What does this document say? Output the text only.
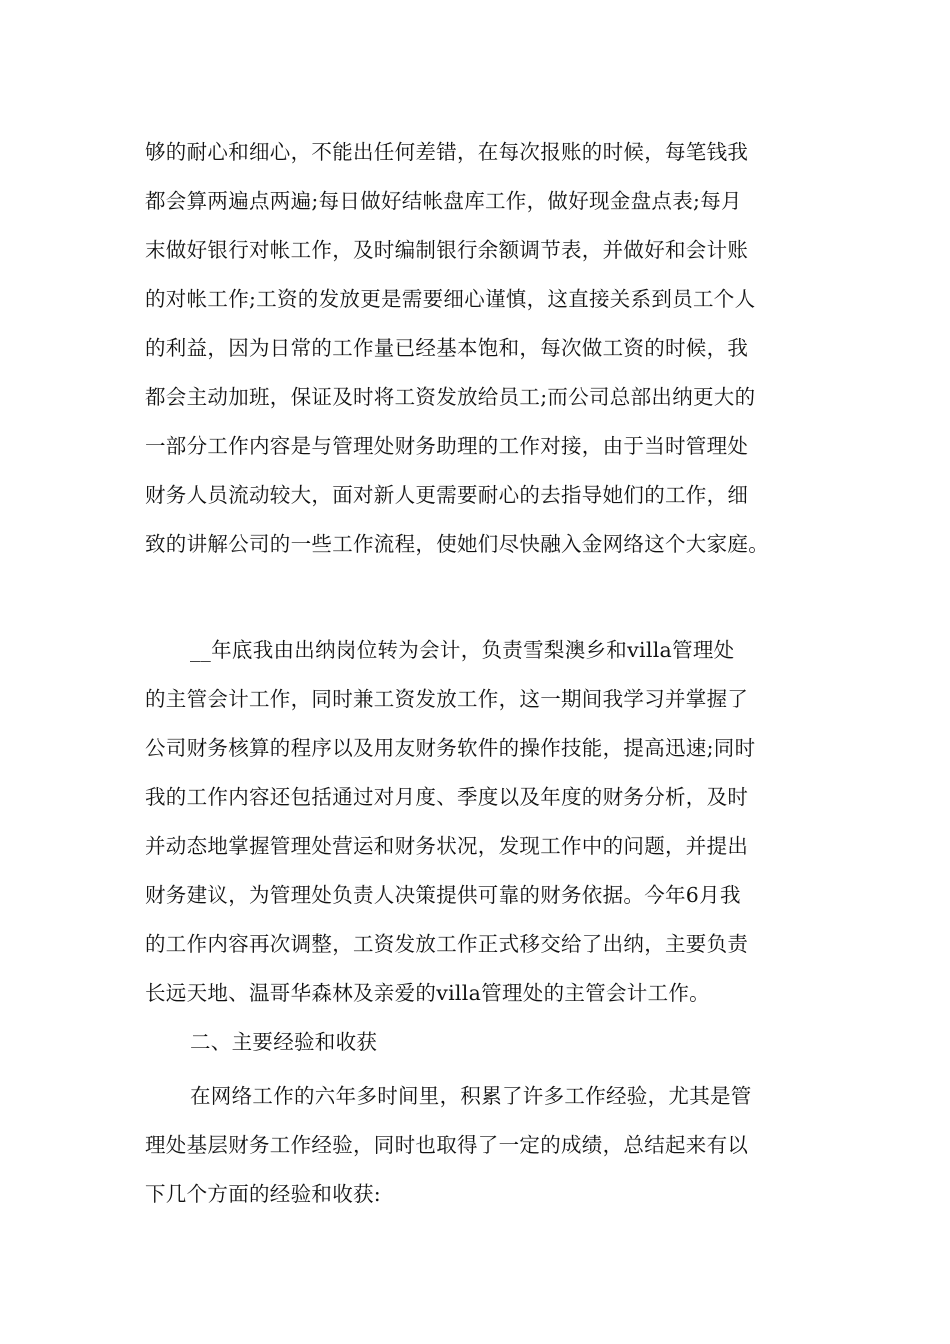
够的耐心和细心，不能出任何差错，在每次报账的时候，每笔钱我
都会算两遍点两遍;每日做好结帐盘库工作，做好现金盘点表;每月
末做好银行对帐工作，及时编制银行余额调节表，并做好和会计账
的对帐工作;工资的发放更是需要细心谨慎，这直接关系到员工个人
的利益，因为日常的工作量已经基本饱和，每次做工资的时候，我
都会主动加班，保证及时将工资发放给员工;而公司总部出纳更大的
一部分工作内容是与管理处财务助理的工作对接，由于当时管理处
财务人员流动较大，面对新人更需要耐心的去指导她们的工作，细
致的讲解公司的一些工作流程，使她们尽快融入金网络这个大家庭。
__年底我由出纳岗位转为会计，负责雪梨澳乡和villa管理处
的主管会计工作，同时兼工资发放工作，这一期间我学习并掌握了
公司财务核算的程序以及用友财务软件的操作技能，提高迅速;同时
我的工作内容还包括通过对月度、季度以及年度的财务分析，及时
并动态地掌握管理处营运和财务状况，发现工作中的问题，并提出
财务建议，为管理处负责人决策提供可靠的财务依据。今年6月我
的工作内容再次调整，工资发放工作正式移交给了出纳，主要负责
长远天地、温哥华森林及亲爱的villa管理处的主管会计工作。
二、主要经验和收获
在网络工作的六年多时间里，积累了许多工作经验，尤其是管
理处基层财务工作经验，同时也取得了一定的成绩，总结起来有以
下几个方面的经验和收获:
